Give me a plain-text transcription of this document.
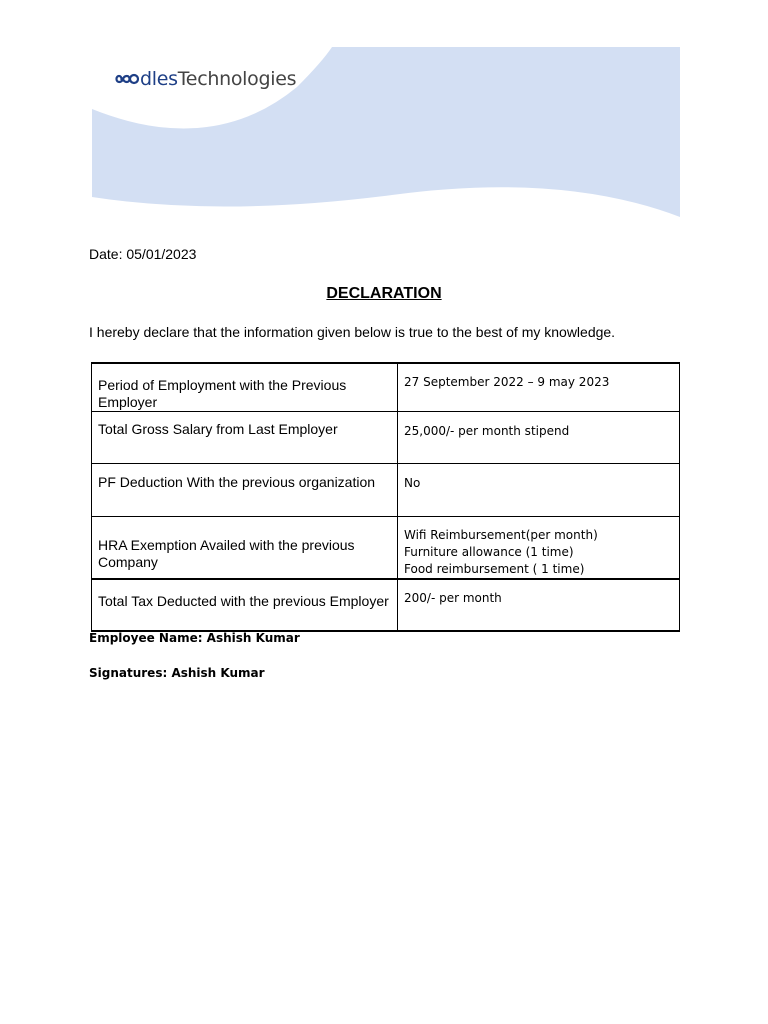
dles Technologies
Date: 05/01/2023
DECLARATION
I hereby declare that the information given below is true to the best of my knowledge.
Period of Employment with the Previous Employer	27 September 2022 – 9 may 2023

Total Gross Salary from Last Employer	25,000/- per month stipend

PF Deduction With the previous organization	No

HRA Exemption Availed with the previous Company	Wifi Reimbursement(per month)
Furniture allowance (1 time)
Food reimbursement ( 1 time)

Total Tax Deducted with the previous Employer	200/- per month
Employee Name: Ashish Kumar
Signatures: Ashish Kumar
